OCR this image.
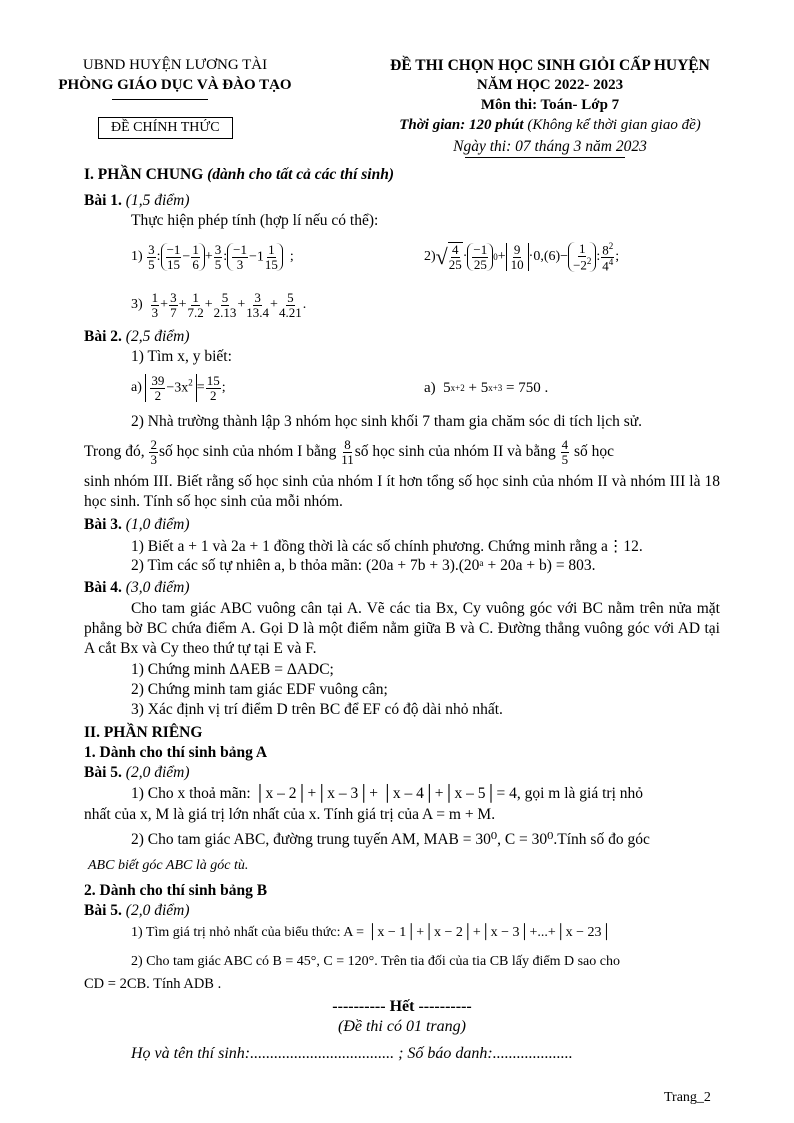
UBND HUYỆN LƯƠNG TÀI
PHÒNG GIÁO DỤC VÀ ĐÀO TẠO
ĐỀ CHÍNH THỨC
ĐỀ THI CHỌN HỌC SINH GIỎI CẤP HUYỆN
NĂM HỌC 2022- 2023
Môn thi: Toán- Lớp 7
Thời gian: 120 phút (Không kể thời gian giao đề)
Ngày thi: 07 tháng 3 năm 2023
I. PHẦN CHUNG (dành cho tất cả các thí sinh)
Bài 1. (1,5 điểm)
Thực hiện phép tính (hợp lí nếu có thể):
$1) \frac{3}{5}$ : $\frac{-1}{15} - \frac{1}{6} + \frac{3}{5}$ : $\frac{-1}{3} -1 \frac{1}{15}$ ;	2) √ $\frac{4}{25} \cdot \frac{-1}{25} 0 + \frac{9}{10} \cdot 0,(6)- \frac{1}{-2^2}$ : $\frac{8^2}{4^4}$ ;
$3) \frac{1}{3} + \frac{3}{7} + \frac{1}{7.2} + \frac{5}{2.13} + \frac{3}{13.4} + \frac{5}{4.21}$ .
Bài 2. (2,5 điểm)
1) Tìm x, y biết:
$a) \frac{39}{2} -3x^2 = \frac{15}{2}$ ;	a)  5 x+2 + 5 x+3 = 750 .
2) Nhà trường thành lập 3 nhóm học sinh khối 7 tham gia chăm sóc di tích lịch sử.
Trong đó,
$\frac{2}{3}$ số học sinh của nhóm I bằng
$\frac{8}{11}$ số học sinh của nhóm II và bằng
$\frac{4}{5}$
số học
sinh nhóm III. Biết rằng số học sinh của nhóm I ít hơn tổng số học sinh của nhóm II và nhóm III là 18 học sinh. Tính số học sinh của mỗi nhóm.
Bài 3. (1,0 điểm)
1) Biết a + 1 và 2a + 1 đồng thời là các số chính phương. Chứng minh rằng a⋮12.
2) Tìm các số tự nhiên a, b thỏa mãn: (20a + 7b + 3).(20ᵃ + 20a + b) = 803.
Bài 4. (3,0 điểm)
Cho tam giác ABC vuông cân tại A. Vẽ các tia Bx, Cy vuông góc với BC nằm trên nửa mặt phẳng bờ BC chứa điểm A. Gọi D là một điểm nằm giữa B và C. Đường thẳng vuông góc với AD tại A cắt Bx và Cy theo thứ tự tại E và F.
1) Chứng minh ΔAEB = ΔADC;
2) Chứng minh tam giác EDF vuông cân;
3) Xác định vị trí điểm D trên BC để EF có độ dài nhỏ nhất.
II. PHẦN RIÊNG
1. Dành cho thí sinh bảng A
Bài 5. (2,0 điểm)
1) Cho x thoả mãn: │x – 2│+│x – 3│+ │x – 4│+│x – 5│= 4, gọi m là giá trị nhỏ
nhất của x, M là giá trị lớn nhất của x. Tính giá trị của A = m + M.
2) Cho tam giác ABC, đường trung tuyến AM, MAB = 30⁰, C = 30⁰.Tính số đo góc
ABC biết góc ABC là góc tù.
2. Dành cho thí sinh bảng B
Bài 5. (2,0 điểm)
1) Tìm giá trị nhỏ nhất của biểu thức: A = │x − 1│+│x − 2│+│x − 3│+...+│x − 23│
2) Cho tam giác ABC có B = 45°, C = 120°. Trên tia đối của tia CB lấy điểm D sao cho
CD = 2CB. Tính ADB .
---------- Hết ----------
(Đề thi có 01 trang)
Họ và tên thí sinh:.................................... ; Số báo danh:....................
Trang_2
